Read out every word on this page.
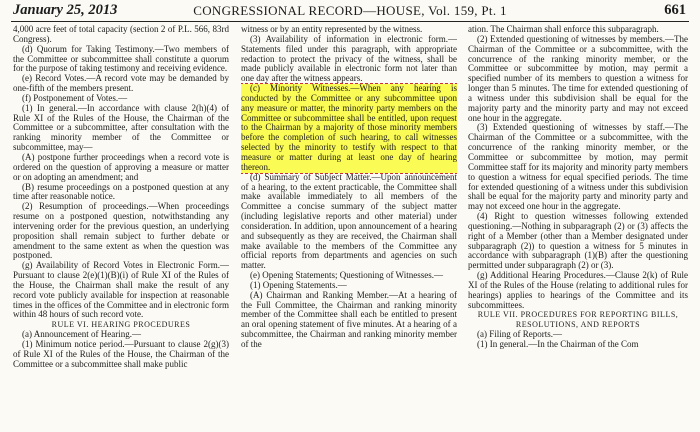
January 25, 2013	CONGRESSIONAL RECORD—HOUSE, Vol. 159, Pt. 1	661

4,000 acre feet of total capacity (section 2 of P.L. 566, 83rd Congress).

(d) Quorum for Taking Testimony.—Two members of the Committee or subcommittee shall constitute a quorum for the purpose of taking testimony and receiving evidence.

(e) Record Votes.—A record vote may be demanded by one-fifth of the members present.

(f) Postponement of Votes.—

(1) In general.—In accordance with clause 2(h)(4) of Rule XI of the Rules of the House, the Chairman of the Committee or a subcommittee, after consultation with the ranking minority member of the Committee or subcommittee, may—

(A) postpone further proceedings when a record vote is ordered on the question of approving a measure or matter or on adopting an amendment; and

(B) resume proceedings on a postponed question at any time after reasonable notice.

(2) Resumption of proceedings.—When proceedings resume on a postponed question, notwithstanding any intervening order for the previous question, an underlying proposition shall remain subject to further debate or amendment to the same extent as when the question was postponed.

(g) Availability of Record Votes in Electronic Form.—Pursuant to clause 2(e)(1)(B)(i) of Rule XI of the Rules of the House, the Chairman shall make the result of any record vote publicly available for inspection at reasonable times in the offices of the Committee and in electronic form within 48 hours of such record vote.

RULE VI. HEARING PROCEDURES

(a) Announcement of Hearing.—

(1) Minimum notice period.—Pursuant to clause 2(g)(3) of Rule XI of the Rules of the House, the Chairman of the Committee or a subcommittee shall make public

witness or by an entity represented by the witness.

(3) Availability of information in electronic form.—Statements filed under this paragraph, with appropriate redaction to protect the privacy of the witness, shall be made publicly available in electronic form not later than one day after the witness appears.

(c) Minority Witnesses.—When any hearing is conducted by the Committee or any subcommittee upon any measure or matter, the minority party members on the Committee or subcommittee shall be entitled, upon request to the Chairman by a majority of those minority members before the completion of such hearing, to call witnesses selected by the minority to testify with respect to that measure or matter during at least one day of hearing thereon.

(d) Summary of Subject Matter.—Upon announcement of a hearing, to the extent practicable, the Committee shall make available immediately to all members of the Committee a concise summary of the subject matter (including legislative reports and other material) under consideration. In addition, upon announcement of a hearing and subsequently as they are received, the Chairman shall make available to the members of the Committee any official reports from departments and agencies on such matter.

(e) Opening Statements; Questioning of Witnesses.—

(1) Opening Statements.—

(A) Chairman and Ranking Member.—At a hearing of the Full Committee, the Chairman and ranking minority member of the Committee shall each be entitled to present an oral opening statement of five minutes. At a hearing of a subcommittee, the Chairman and ranking minority member of the

ation. The Chairman shall enforce this subparagraph.

(2) Extended questioning of witnesses by members.—The Chairman of the Committee or a subcommittee, with the concurrence of the ranking minority member, or the Committee or subcommittee by motion, may permit a specified number of its members to question a witness for longer than 5 minutes. The time for extended questioning of a witness under this subdivision shall be equal for the majority party and the minority party and may not exceed one hour in the aggregate.

(3) Extended questioning of witnesses by staff.—The Chairman of the Committee or a subcommittee, with the concurrence of the ranking minority member, or the Committee or subcommittee by motion, may permit Committee staff for its majority and minority party members to question a witness for equal specified periods. The time for extended questioning of a witness under this subdivision shall be equal for the majority party and minority party and may not exceed one hour in the aggregate.

(4) Right to question witnesses following extended questioning.—Nothing in subparagraph (2) or (3) affects the right of a Member (other than a Member designated under subparagraph (2)) to question a witness for 5 minutes in accordance with subparagraph (1)(B) after the questioning permitted under subparagraph (2) or (3).

(g) Additional Hearing Procedures.—Clause 2(k) of Rule XI of the Rules of the House (relating to additional rules for hearings) applies to hearings of the Committee and its subcommittees.

RULE VII. PROCEDURES FOR REPORTING BILLS, RESOLUTIONS, AND REPORTS

(a) Filing of Reports.—

(1) In general.—In the Chairman of the Com
